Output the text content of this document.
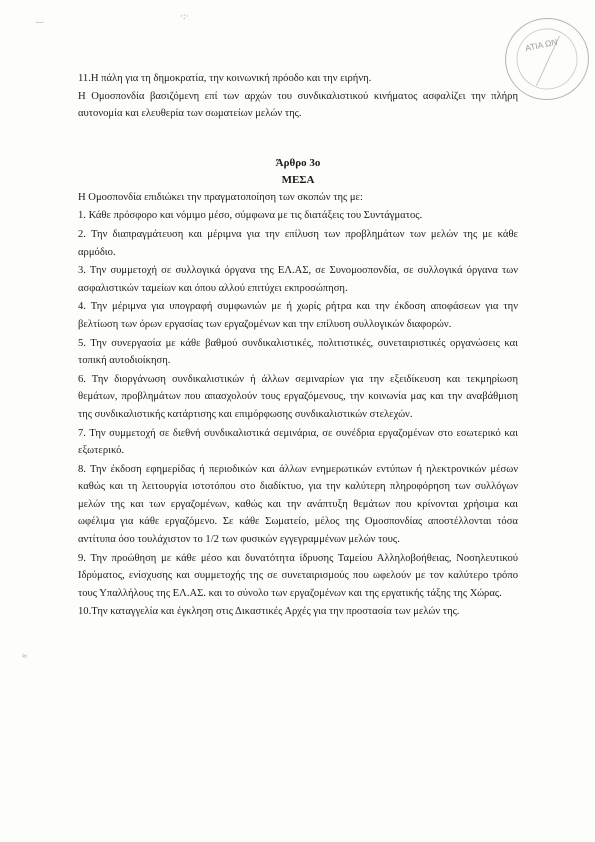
‿	·:·
≈
ΑΤΙΑ ΩΝ

11.Η πάλη για τη δημοκρατία, την κοινωνική πρόοδο και την ειρήνη.

Η Ομοσπονδία βασιζόμενη επί των αρχών του συνδικαλιστικού κινήματος ασφαλίζει την πλήρη αυτονομία και ελευθερία των σωματείων μελών της.

Άρθρο 3ο

ΜΕΣΑ

Η Ομοσπονδία επιδιώκει την πραγματοποίηση των σκοπών της με:

1. Κάθε πρόσφορο και νόμιμο μέσο, σύμφωνα με τις διατάξεις του Συντάγματος.

2. Την διαπραγμάτευση και μέριμνα για την επίλυση των προβλημάτων των μελών της με κάθε αρμόδιο.

3. Την συμμετοχή σε συλλογικά όργανα της ΕΛ.ΑΣ, σε Συνομοσπονδία, σε συλλογικά όργανα των ασφαλιστικών ταμείων και όπου αλλού επιτύχει εκπροσώπηση.

4. Την μέριμνα για υπογραφή συμφωνιών με ή χωρίς ρήτρα και την έκδοση αποφάσεων για την βελτίωση των όρων εργασίας των εργαζομένων και την επίλυση συλλογικών διαφορών.

5. Την συνεργασία με κάθε βαθμού συνδικαλιστικές, πολιτιστικές, συνεταιριστικές οργανώσεις και τοπική αυτοδιοίκηση.

6. Την διοργάνωση συνδικαλιστικών ή άλλων σεμιναρίων για την εξειδίκευση και τεκμηρίωση θεμάτων, προβλημάτων που απασχολούν τους εργαζόμενους, την κοινωνία μας και την αναβάθμιση της συνδικαλιστικής κατάρτισης και επιμόρφωσης συνδικαλιστικών στελεχών.

7. Την συμμετοχή σε διεθνή συνδικαλιστικά σεμινάρια, σε συνέδρια εργαζομένων στο εσωτερικό και εξωτερικό.

8. Την έκδοση εφημερίδας ή περιοδικών και άλλων ενημερωτικών εντύπων ή ηλεκτρονικών μέσων καθώς και τη λειτουργία ιστοτόπου στο διαδίκτυο, για την καλύτερη πληροφόρηση των συλλόγων μελών της και των εργαζομένων, καθώς και την ανάπτυξη θεμάτων που κρίνονται χρήσιμα και ωφέλιμα για κάθε εργαζόμενο. Σε κάθε Σωματείο, μέλος της Ομοσπονδίας αποστέλλονται τόσα αντίτυπα όσο τουλάχιστον το 1/2 των φυσικών εγγεγραμμένων μελών τους.

9. Την προώθηση με κάθε μέσο και δυνατότητα ίδρυσης Ταμείου Αλληλοβοήθειας, Νοσηλευτικού Ιδρύματος, ενίσχυσης και συμμετοχής της σε συνεταιρισμούς που ωφελούν με τον καλύτερο τρόπο τους Υπαλλήλους της ΕΛ.ΑΣ. και το σύνολο των εργαζομένων και της εργατικής τάξης της Χώρας.

10.Την καταγγελία και έγκληση στις Δικαστικές Αρχές για την προστασία των μελών της.
